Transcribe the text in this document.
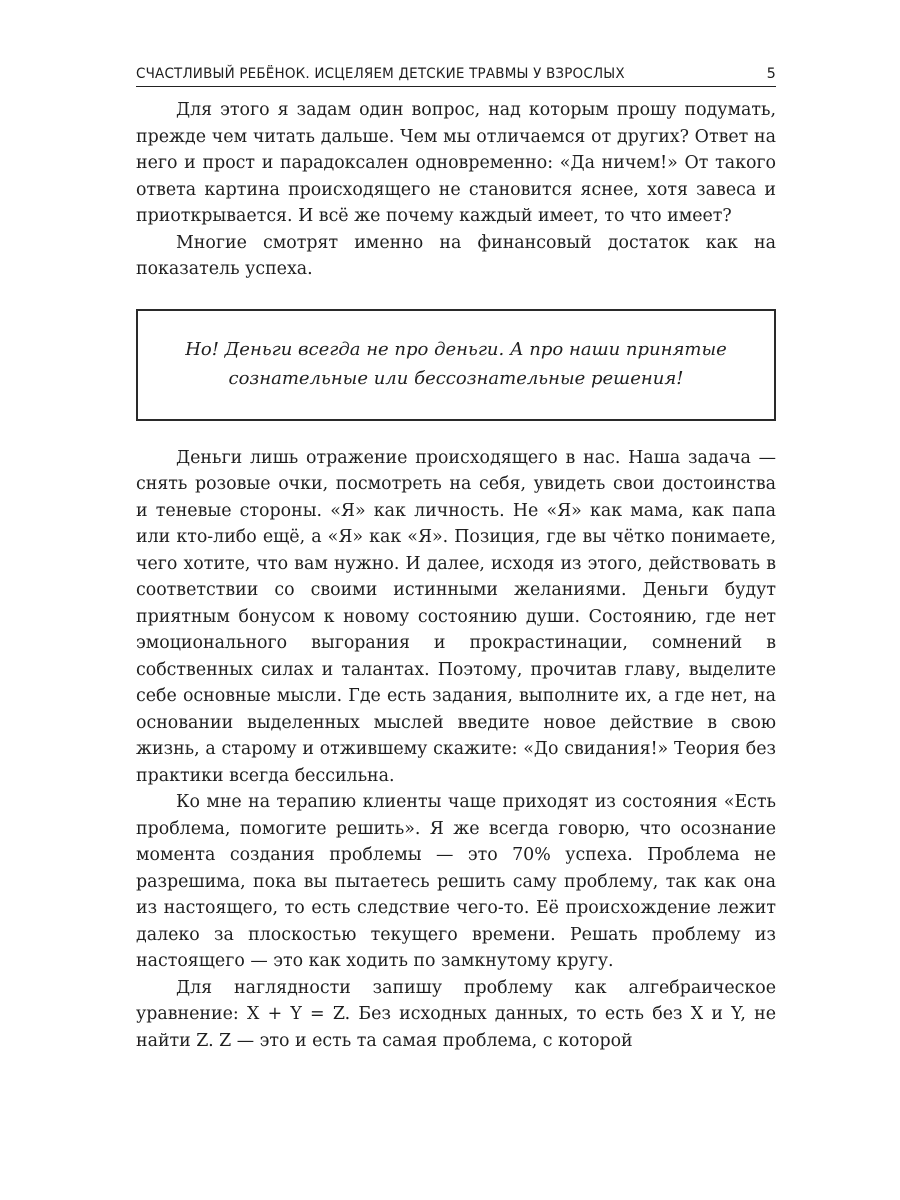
СЧАСТЛИВЫЙ РЕБЁНОК. ИСЦЕЛЯЕМ ДЕТСКИЕ ТРАВМЫ У ВЗРОСЛЫХ	5

Для этого я задам один вопрос, над которым прошу подумать, прежде чем читать дальше. Чем мы отличаемся от других? Ответ на него и прост и парадоксален одновременно: «Да ничем!» От такого ответа картина происходящего не становится яснее, хотя завеса и приоткрывается. И всё же почему каждый имеет, то что имеет?

Многие смотрят именно на финансовый достаток как на показатель успеха.

Но! Деньги всегда не про деньги. А про наши принятые
сознательные или бессознательные решения!

Деньги лишь отражение происходящего в нас. Наша задача — снять розовые очки, посмотреть на себя, увидеть свои достоинства и теневые стороны. «Я» как личность. Не «Я» как мама, как папа или кто-либо ещё, а «Я» как «Я». Позиция, где вы чётко понимаете, чего хотите, что вам нужно. И далее, исходя из этого, действовать в соответствии со своими истинными желаниями. Деньги будут приятным бонусом к новому состоянию души. Состоянию, где нет эмоционального выгорания и прокрастинации, сомнений в собственных силах и талантах. Поэтому, прочитав главу, выделите себе основные мысли. Где есть задания, выполните их, а где нет, на основании выделенных мыслей введите новое действие в свою жизнь, а старому и отжившему скажите: «До свидания!» Теория без практики всегда бессильна.

Ко мне на терапию клиенты чаще приходят из состояния «Есть проблема, помогите решить». Я же всегда говорю, что осознание момента создания проблемы — это 70% успеха. Проблема не разрешима, пока вы пытаетесь решить саму проблему, так как она из настоящего, то есть следствие чего-то. Её происхождение лежит далеко за плоскостью текущего времени. Решать проблему из настоящего — это как ходить по замкнутому кругу.

Для наглядности запишу проблему как алгебраическое уравнение: X + Y = Z. Без исходных данных, то есть без X и Y, не найти Z. Z — это и есть та самая проблема, с которой
